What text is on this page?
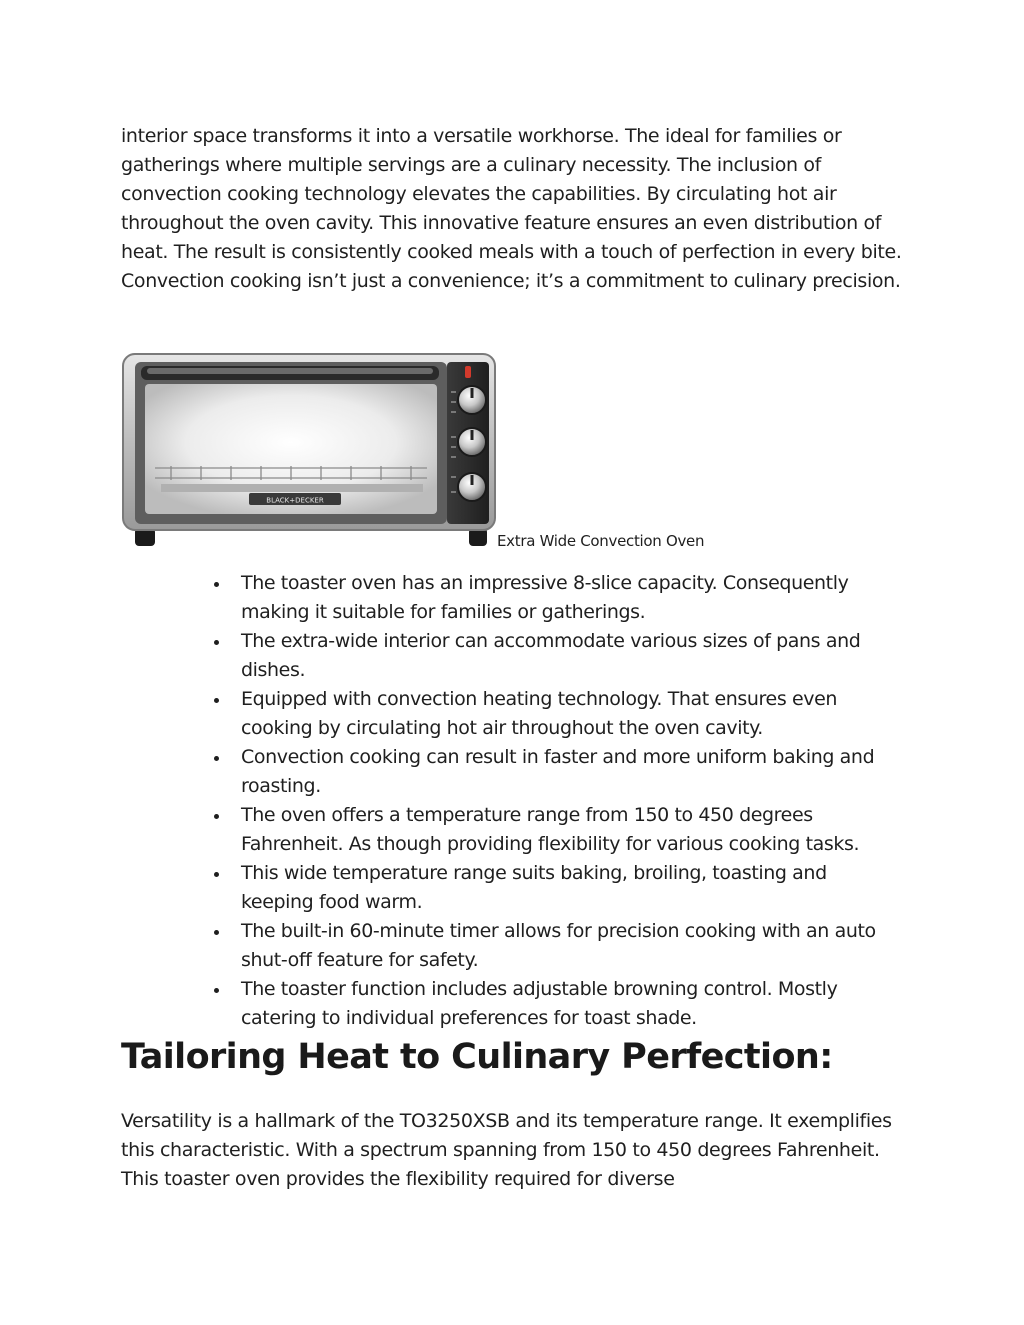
interior space transforms it into a versatile workhorse. The ideal for families or gatherings where multiple servings are a culinary necessity. The inclusion of convection cooking technology elevates the capabilities. By circulating hot air throughout the oven cavity. This innovative feature ensures an even distribution of heat. The result is consistently cooked meals with a touch of perfection in every bite. Convection cooking isn’t just a convenience; it’s a commitment to culinary precision.

BLACK+DECKER
Extra Wide Convection Oven
The toaster oven has an impressive 8-slice capacity. Consequently making it suitable for families or gatherings.
The extra-wide interior can accommodate various sizes of pans and dishes.
Equipped with convection heating technology. That ensures even cooking by circulating hot air throughout the oven cavity.
Convection cooking can result in faster and more uniform baking and roasting.
The oven offers a temperature range from 150 to 450 degrees Fahrenheit. As though providing flexibility for various cooking tasks.
This wide temperature range suits baking, broiling, toasting and keeping food warm.
The built-in 60-minute timer allows for precision cooking with an auto shut-off feature for safety.
The toaster function includes adjustable browning control. Mostly catering to individual preferences for toast shade.
Tailoring Heat to Culinary Perfection:

Versatility is a hallmark of the TO3250XSB and its temperature range. It exemplifies this characteristic. With a spectrum spanning from 150 to 450 degrees Fahrenheit. This toaster oven provides the flexibility required for diverse
